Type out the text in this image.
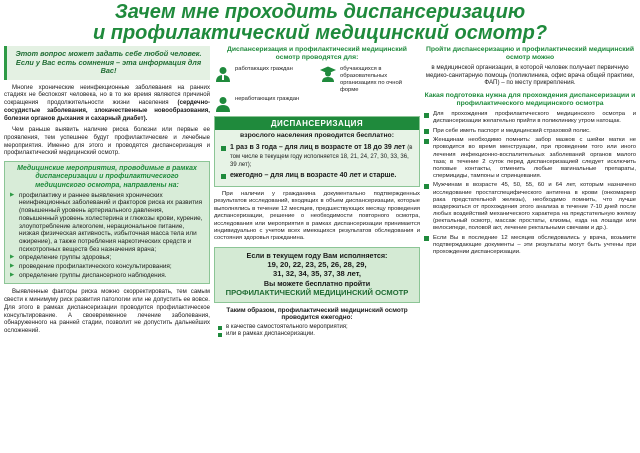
Зачем мне проходить диспансеризацию
и профилактический медицинский осмотр?
Этот вопрос может задать себе любой человек. Если у Вас есть сомнения – эта информация для Вас!

Многие хронические неинфекционные заболевания на ранних стадиях не беспокоят человека, но в то же время являются причиной сокращения продолжительности жизни населения (сердечно-сосудистые заболевания, злокачественные новообразования, болезни органов дыхания и сахарный диабет).

Чем раньше выявить наличие риска болезни или первые ее проявления, тем успешнее будут профилактические и лечебные мероприятия. Именно для этого и проводятся диспансеризация и профилактический медицинский осмотр.

Медицинские мероприятия, проводимые в рамках диспансеризации и профилактического медицинского осмотра, направлены на:
▶ профилактику и раннее выявления хронических неинфекционных заболеваний и факторов риска их развития (повышенный уровень артериального давления, повышенный уровень холестерина и глюкозы крови, курение, злоупотребление алкоголем, нерациональное питание, низкая физическая активность, избыточная масса тела или ожирение), а также потребления наркотических средств и психотропных веществ без назначения врача;
▶ определение группы здоровья;
▶ проведение профилактического консультирования;
▶ определение группы диспансерного наблюдения.

Выявленные факторы риска можно скорректировать, тем самым свести к минимуму риск развития патологии или не допустить ее вовсе. Для этого в рамках диспансеризации проводится профилактическое консультирование. А своевременное лечение заболевания, обнаруженного на ранней стадии, позволит не допустить дальнейших осложнений.

Диспансеризация и профилактический медицинский осмотр проводятся для:
работающих граждан	обучающихся в образовательных организациях по очной форме
неработающих граждан
ДИСПАНСЕРИЗАЦИЯ
взрослого населения проводится бесплатно:
1 раз в 3 года – для лиц в возрасте от 18 до 39 лет (в том числе в текущем году исполняется 18, 21, 24, 27, 30, 33, 36, 39 лет);
ежегодно – для лиц в возрасте 40 лет и старше.

При наличии у гражданина документально подтвержденных результатов исследований, входящих в объем диспансеризации, которые выполнялись в течение 12 месяцев, предшествующих месяцу проведения диспансеризации, решение о необходимости повторного осмотра, исследования или мероприятия в рамках диспансеризации принимается индивидуально с учетом всех имеющихся результатов обследования и состояния здоровья гражданина.

Если в текущем году Вам исполняется:
19, 20, 22, 23, 25, 26, 28, 29,
31, 32, 34, 35, 37, 38 лет,
Вы можете бесплатно пройти
ПРОФИЛАКТИЧЕСКИЙ МЕДИЦИНСКИЙ ОСМОТР
Таким образом, профилактический медицинский осмотр проводится ежегодно:
в качестве самостоятельного мероприятия;
или в рамках диспансеризации.
Пройти диспансеризацию и профилактический медицинский осмотр можно
в медицинской организации, в которой человек получает первичную медико-санитарную помощь (поликлиника, офис врача общей практики, ФАП) – по месту прикрепления.
Какая подготовка нужна для прохождения диспансеризации и профилактического медицинского осмотра
Для прохождения профилактического медицинского осмотра и диспансеризации желательно прийти в поликлинику утром натощак.
При себе иметь паспорт и медицинский страховой полис.
Женщинам необходимо помнить: забор мазков с шейки матки не проводится во время менструации, при проведении того или иного лечения инфекционно-воспалительных заболеваний органов малого таза; в течение 2 суток перед диспансеризацией следует исключить половые контакты, отменить любые вагинальные препараты, спермициды, тампоны и спринцевания.
Мужчинам в возрасте 45, 50, 55, 60 и 64 лет, которым назначено исследование простатспецифического антигена в крови (онкомаркер рака предстательной железы), необходимо помнить, что лучше воздержаться от прохождения этого анализа в течение 7-10 дней после любых воздействий механического характера на предстательную железу (ректальный осмотр, массаж простаты, клизмы, езда на лошади или велосипеде, половой акт, лечение ректальными свечами и др.).
Если Вы в последние 12 месяцев обследовались у врача, возьмите подтверждающие документы – эти результаты могут быть учтены при прохождении диспансеризации.
